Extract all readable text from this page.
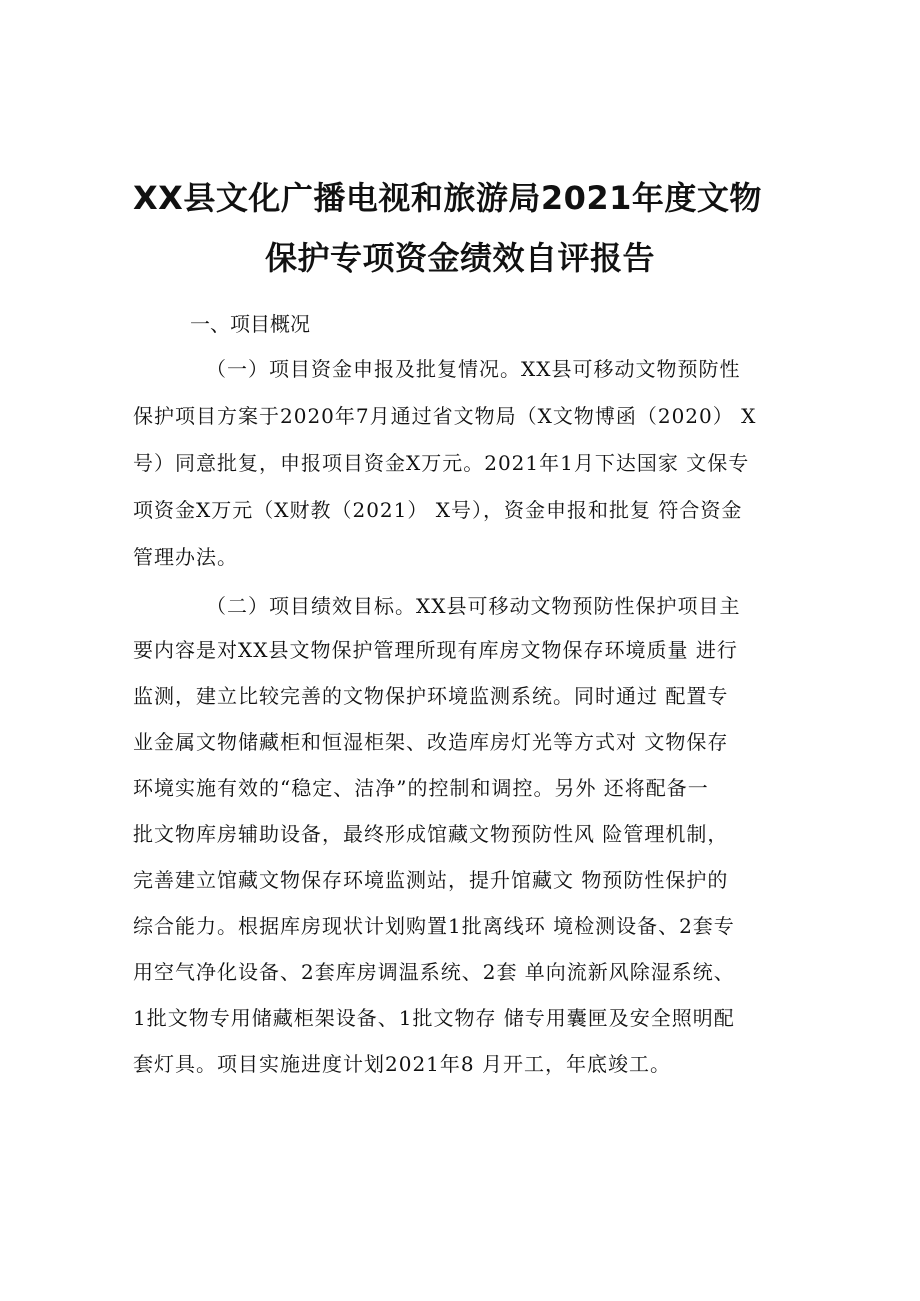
XX县文化广播电视和旅游局2021年度文物
保护专项资金绩效自评报告
一、项目概况
（一）项目资金申报及批复情况。XX县可移动文物预防性
保护项目方案于2020年7月通过省文物局（X文物博函（2020） X
号）同意批复，申报项目资金X万元。2021年1月下达国家 文保专
项资金X万元（X财教（2021） X号），资金申报和批复 符合资金
管理办法。
（二）项目绩效目标。XX县可移动文物预防性保护项目主
要内容是对XX县文物保护管理所现有库房文物保存环境质量 进行
监测，建立比较完善的文物保护环境监测系统。同时通过 配置专
业金属文物储藏柜和恒湿柜架、改造库房灯光等方式对 文物保存
环境实施有效的“稳定、洁净”的控制和调控。另外 还将配备一
批文物库房辅助设备，最终形成馆藏文物预防性风 险管理机制，
完善建立馆藏文物保存环境监测站，提升馆藏文 物预防性保护的
综合能力。根据库房现状计划购置1批离线环 境检测设备、2套专
用空气净化设备、2套库房调温系统、2套 单向流新风除湿系统、
1批文物专用储藏柜架设备、1批文物存 储专用囊匣及安全照明配
套灯具。项目实施进度计划2021年8 月开工，年底竣工。
